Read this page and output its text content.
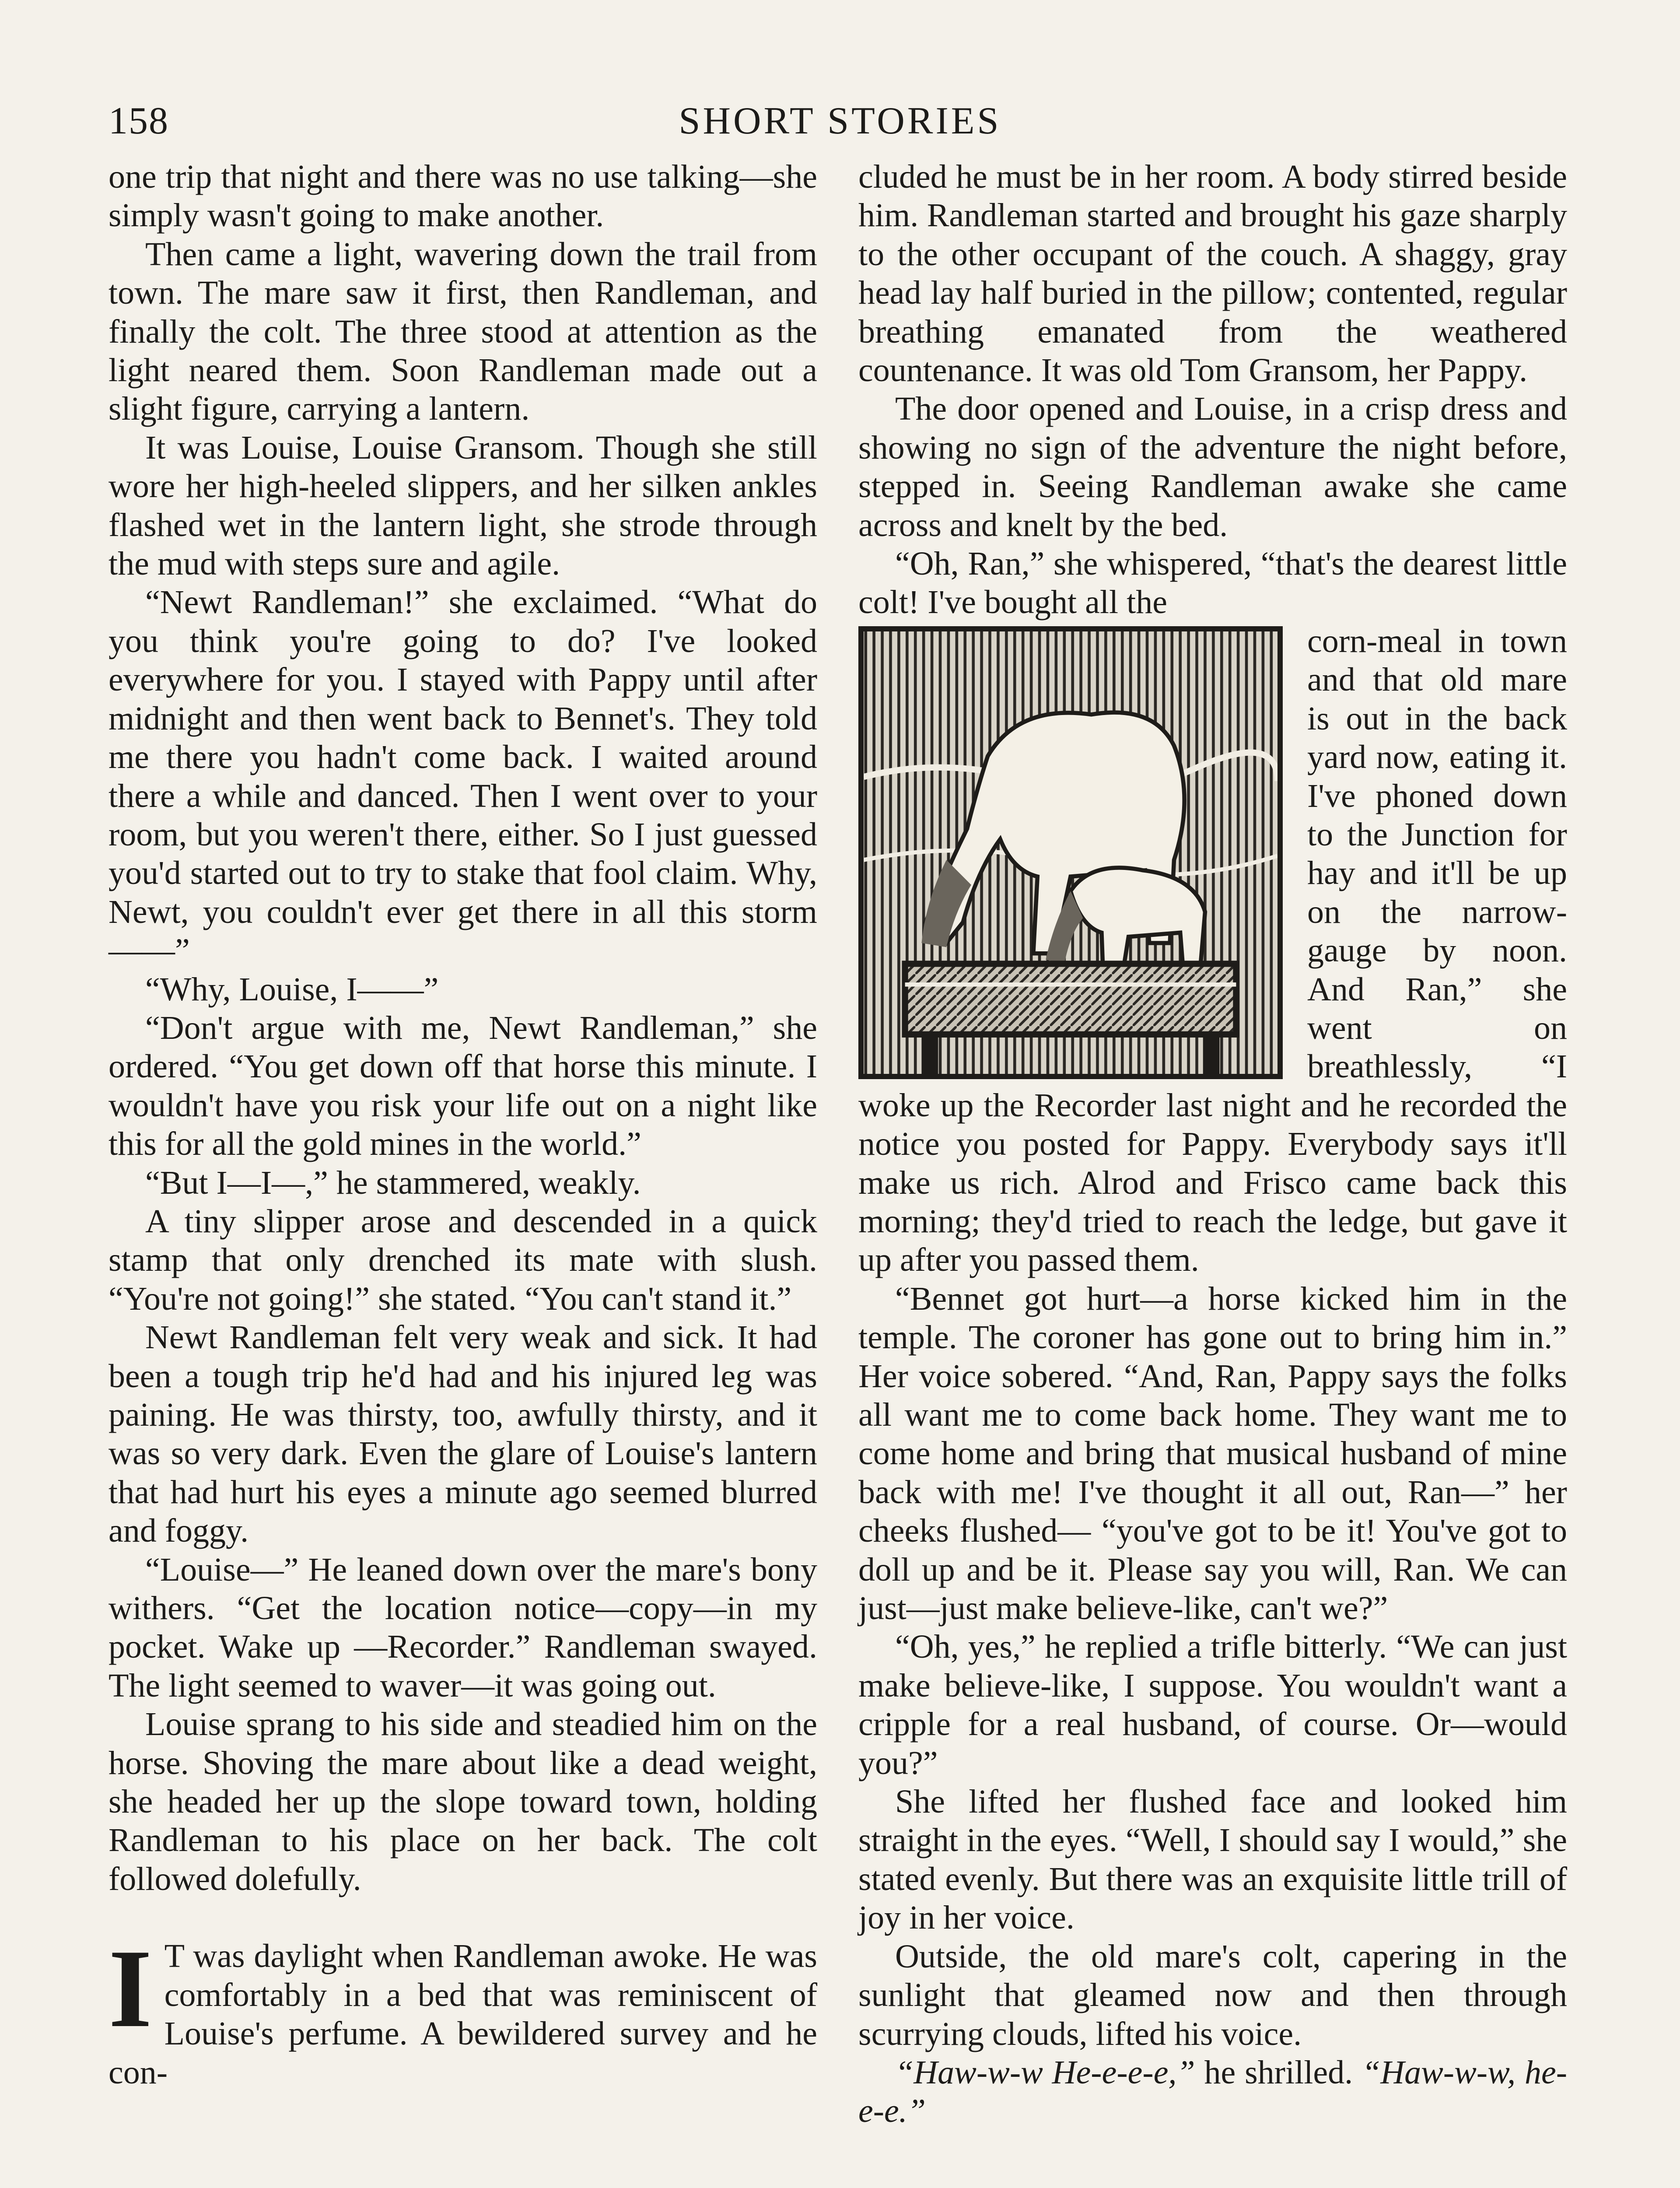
158	SHORT STORIES

one trip that night and there was no use talking—she simply wasn't going to make another.

Then came a light, wavering down the trail from town. The mare saw it first, then Randleman, and finally the colt. The three stood at attention as the light neared them. Soon Randleman made out a slight figure, carrying a lantern.

It was Louise, Louise Gransom. Though she still wore her high-heeled slippers, and her silken ankles flashed wet in the lantern light, she strode through the mud with steps sure and agile.

“Newt Randleman!” she exclaimed. “What do you think you're going to do? I've looked everywhere for you. I stayed with Pappy until after midnight and then went back to Bennet's. They told me there you hadn't come back. I waited around there a while and danced. Then I went over to your room, but you weren't there, either. So I just guessed you'd started out to try to stake that fool claim. Why, Newt, you couldn't ever get there in all this storm——”

“Why, Louise, I——”

“Don't argue with me, Newt Randleman,” she ordered. “You get down off that horse this minute. I wouldn't have you risk your life out on a night like this for all the gold mines in the world.”

“But I—I—,” he stammered, weakly.

A tiny slipper arose and descended in a quick stamp that only drenched its mate with slush. “You're not going!” she stated. “You can't stand it.”

Newt Randleman felt very weak and sick. It had been a tough trip he'd had and his injured leg was paining. He was thirsty, too, awfully thirsty, and it was so very dark. Even the glare of Louise's lantern that had hurt his eyes a minute ago seemed blurred and foggy.

“Louise—” He leaned down over the mare's bony withers. “Get the location notice—copy—in my pocket. Wake up —Recorder.” Randleman swayed. The light seemed to waver—it was going out.

Louise sprang to his side and steadied him on the horse. Shoving the mare about like a dead weight, she headed her up the slope toward town, holding Randleman to his place on her back. The colt followed dolefully.

I T was daylight when Randleman awoke. He was comfortably in a bed that was reminiscent of Louise's perfume. A bewildered survey and he con-

cluded he must be in her room. A body stirred beside him. Randleman started and brought his gaze sharply to the other occupant of the couch. A shaggy, gray head lay half buried in the pillow; contented, regular breathing emanated from the weathered countenance. It was old Tom Gransom, her Pappy.

The door opened and Louise, in a crisp dress and showing no sign of the adventure the night before, stepped in. Seeing Randleman awake she came across and knelt by the bed.

“Oh, Ran,” she whispered, “that's the dearest little colt! I've bought all the

corn-meal in town and that old mare is out in the back yard now, eating it. I've phoned down to the Junction for hay and it'll be up on the narrow-gauge by noon. And Ran,” she went on breathlessly, “I woke up the Recorder last night and he recorded the notice you posted for Pappy. Everybody says it'll make us rich. Alrod and Frisco came back this morning; they'd tried to reach the ledge, but gave it up after you passed them.

“Bennet got hurt—a horse kicked him in the temple. The coroner has gone out to bring him in.” Her voice sobered. “And, Ran, Pappy says the folks all want me to come back home. They want me to come home and bring that musical husband of mine back with me! I've thought it all out, Ran—” her cheeks flushed— “you've got to be it! You've got to doll up and be it. Please say you will, Ran. We can just—just make believe-like, can't we?”

“Oh, yes,” he replied a trifle bitterly. “We can just make believe-like, I suppose. You wouldn't want a cripple for a real husband, of course. Or—would you?”

She lifted her flushed face and looked him straight in the eyes. “Well, I should say I would,” she stated evenly. But there was an exquisite little trill of joy in her voice.

Outside, the old mare's colt, capering in the sunlight that gleamed now and then through scurrying clouds, lifted his voice.

“Haw-w-w He-e-e-e,” he shrilled. “Haw-w-w, he-e-e.”
